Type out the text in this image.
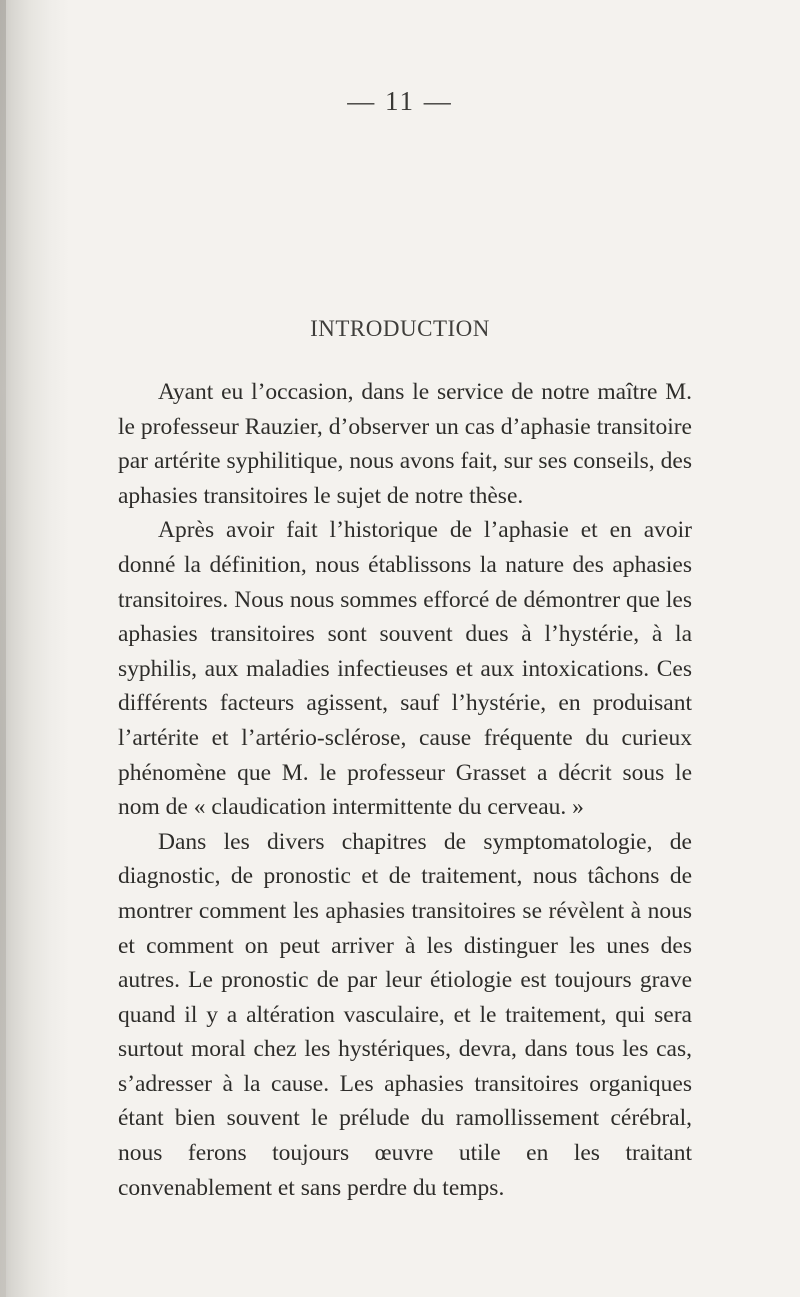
— 11 —
INTRODUCTION

Ayant eu l’occasion, dans le service de notre maître M. le professeur Rauzier, d’observer un cas d’aphasie transitoire par artérite syphilitique, nous avons fait, sur ses conseils, des aphasies transitoires le sujet de notre thèse.

Après avoir fait l’historique de l’aphasie et en avoir donné la définition, nous établissons la nature des aphasies transitoires. Nous nous sommes efforcé de démontrer que les aphasies transitoires sont souvent dues à l’hystérie, à la syphilis, aux maladies infectieuses et aux intoxications. Ces différents facteurs agissent, sauf l’hystérie, en produisant l’artérite et l’artério-sclérose, cause fréquente du curieux phénomène que M. le professeur Grasset a décrit sous le nom de « claudication intermittente du cerveau. »

Dans les divers chapitres de symptomatologie, de diagnostic, de pronostic et de traitement, nous tâchons de montrer comment les aphasies transitoires se révèlent à nous et comment on peut arriver à les distinguer les unes des autres. Le pronostic de par leur étiologie est toujours grave quand il y a altération vasculaire, et le traitement, qui sera surtout moral chez les hystériques, devra, dans tous les cas, s’adresser à la cause. Les aphasies transitoires organiques étant bien souvent le prélude du ramollissement cérébral, nous ferons toujours œuvre utile en les traitant convenablement et sans perdre du temps.
